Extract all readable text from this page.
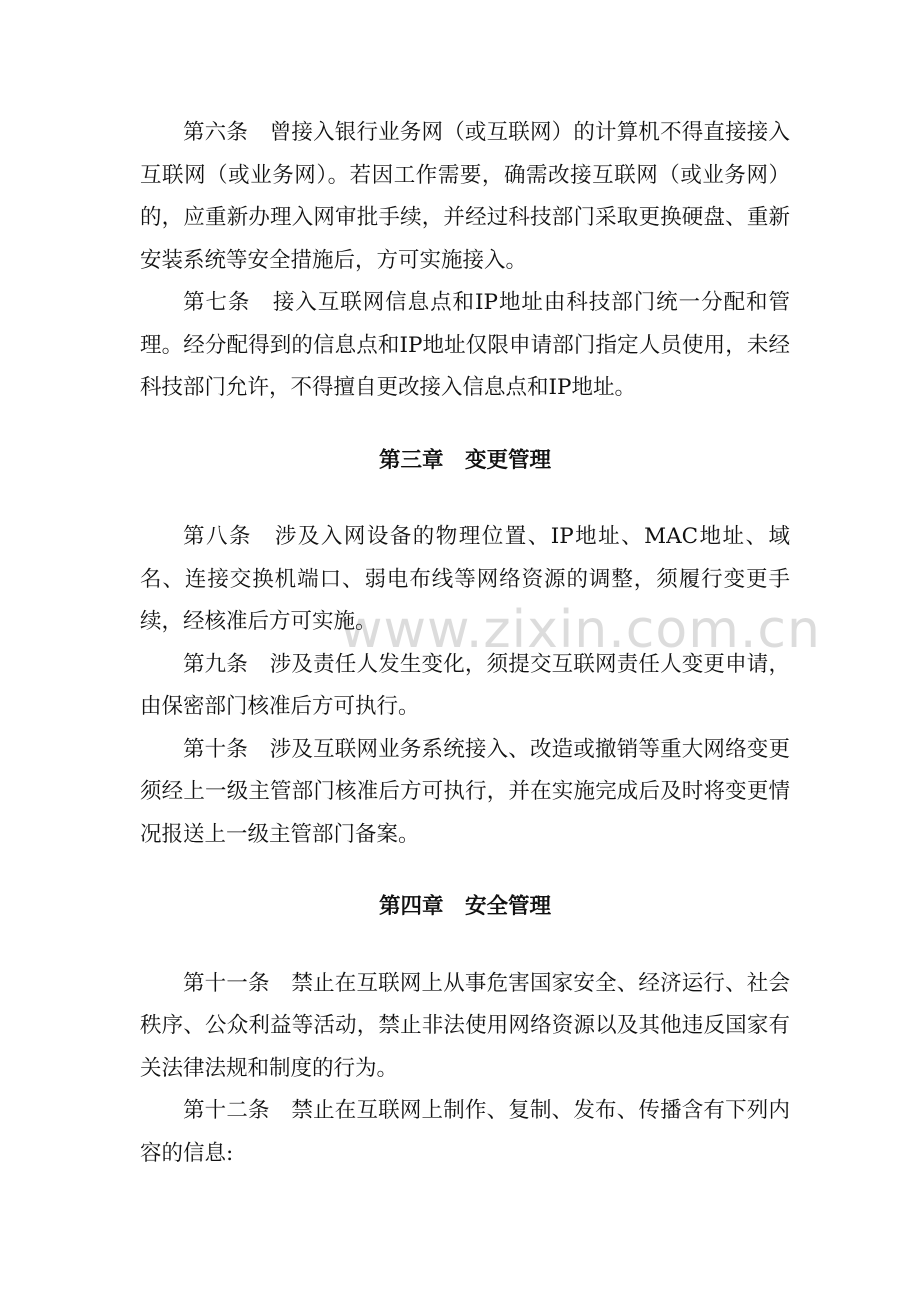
www.zixin.com.cn

第六条　曾接入银行业务网（或互联网）的计算机不得直接接入互联网（或业务网）。若因工作需要，确需改接互联网（或业务网）的，应重新办理入网审批手续，并经过科技部门采取更换硬盘、重新安装系统等安全措施后，方可实施接入。

第七条　接入互联网信息点和IP地址由科技部门统一分配和管理。经分配得到的信息点和IP地址仅限申请部门指定人员使用，未经科技部门允许，不得擅自更改接入信息点和IP地址。

第三章　变更管理

第八条　涉及入网设备的物理位置、IP地址、MAC地址、域名、连接交换机端口、弱电布线等网络资源的调整，须履行变更手续，经核准后方可实施。

第九条　涉及责任人发生变化，须提交互联网责任人变更申请，由保密部门核准后方可执行。

第十条　涉及互联网业务系统接入、改造或撤销等重大网络变更须经上一级主管部门核准后方可执行，并在实施完成后及时将变更情况报送上一级主管部门备案。

第四章　安全管理

第十一条　禁止在互联网上从事危害国家安全、经济运行、社会秩序、公众利益等活动，禁止非法使用网络资源以及其他违反国家有关法律法规和制度的行为。

第十二条　禁止在互联网上制作、复制、发布、传播含有下列内容的信息:
